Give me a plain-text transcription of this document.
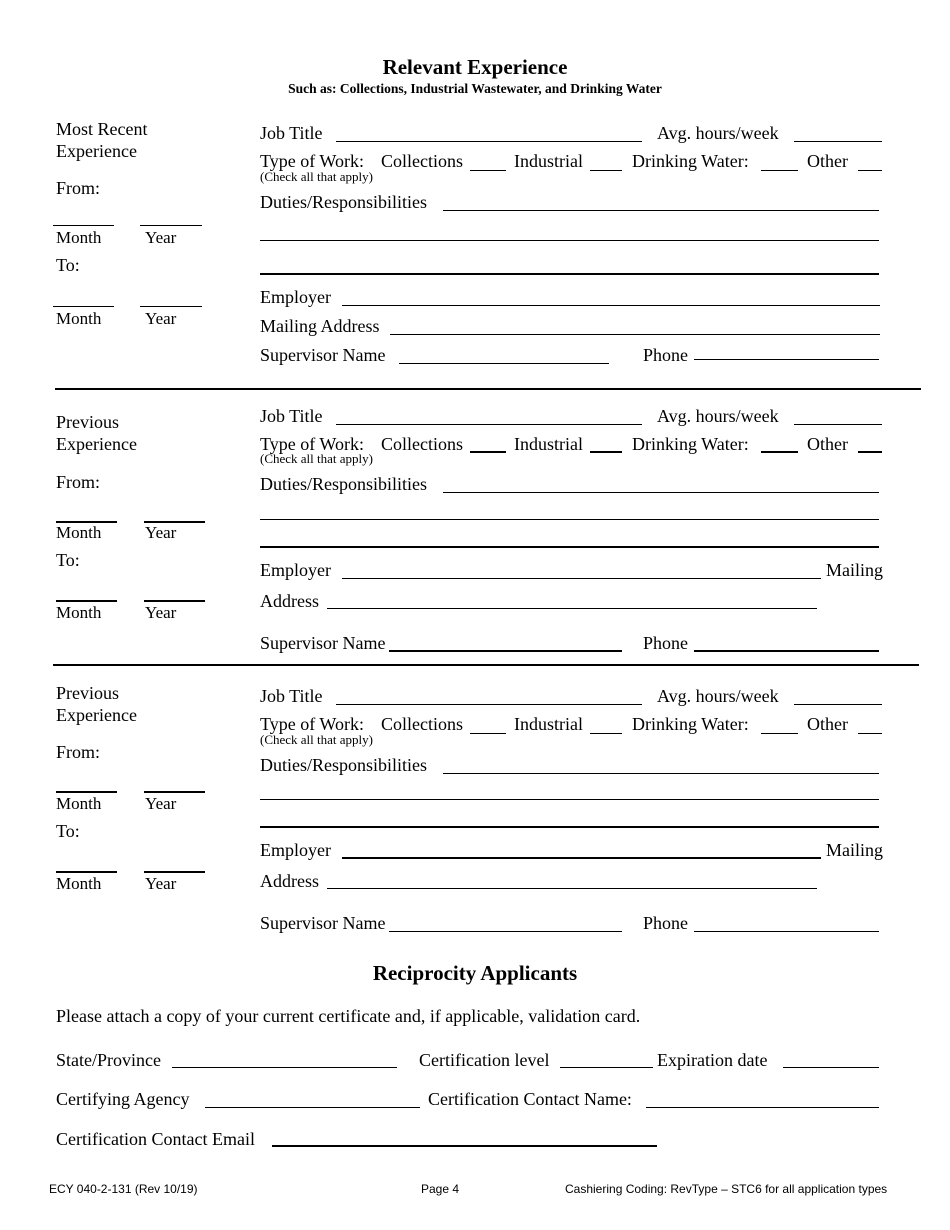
Relevant Experience
Such as: Collections, Industrial Wastewater, and Drinking Water
Most Recent
Experience
From:
Month	Year
To:
Month	Year
Job Title	Avg. hours/week
Type of Work: Collections	Industrial	Drinking Water:	Other
(Check all that apply)
Duties/Responsibilities
Employer
Mailing Address
Supervisor Name	Phone
Previous
Experience
From:
Month	Year
To:
Month	Year
Job Title	Avg. hours/week
Type of Work: Collections	Industrial	Drinking Water:	Other
(Check all that apply)
Duties/Responsibilities
Employer	Mailing
Address
Supervisor Name	Phone
Previous
Experience
From:
Month	Year
To:
Month	Year
Job Title	Avg. hours/week
Type of Work: Collections	Industrial	Drinking Water:	Other
(Check all that apply)
Duties/Responsibilities
Employer	Mailing
Address
Supervisor Name	Phone
Reciprocity Applicants
Please attach a copy of your current certificate and, if applicable, validation card.
State/Province	Certification level	Expiration date
Certifying Agency	Certification Contact Name:
Certification Contact Email
ECY 040-2-131 (Rev 10/19)	Page 4	Cashiering Coding: RevType – STC6 for all application types
